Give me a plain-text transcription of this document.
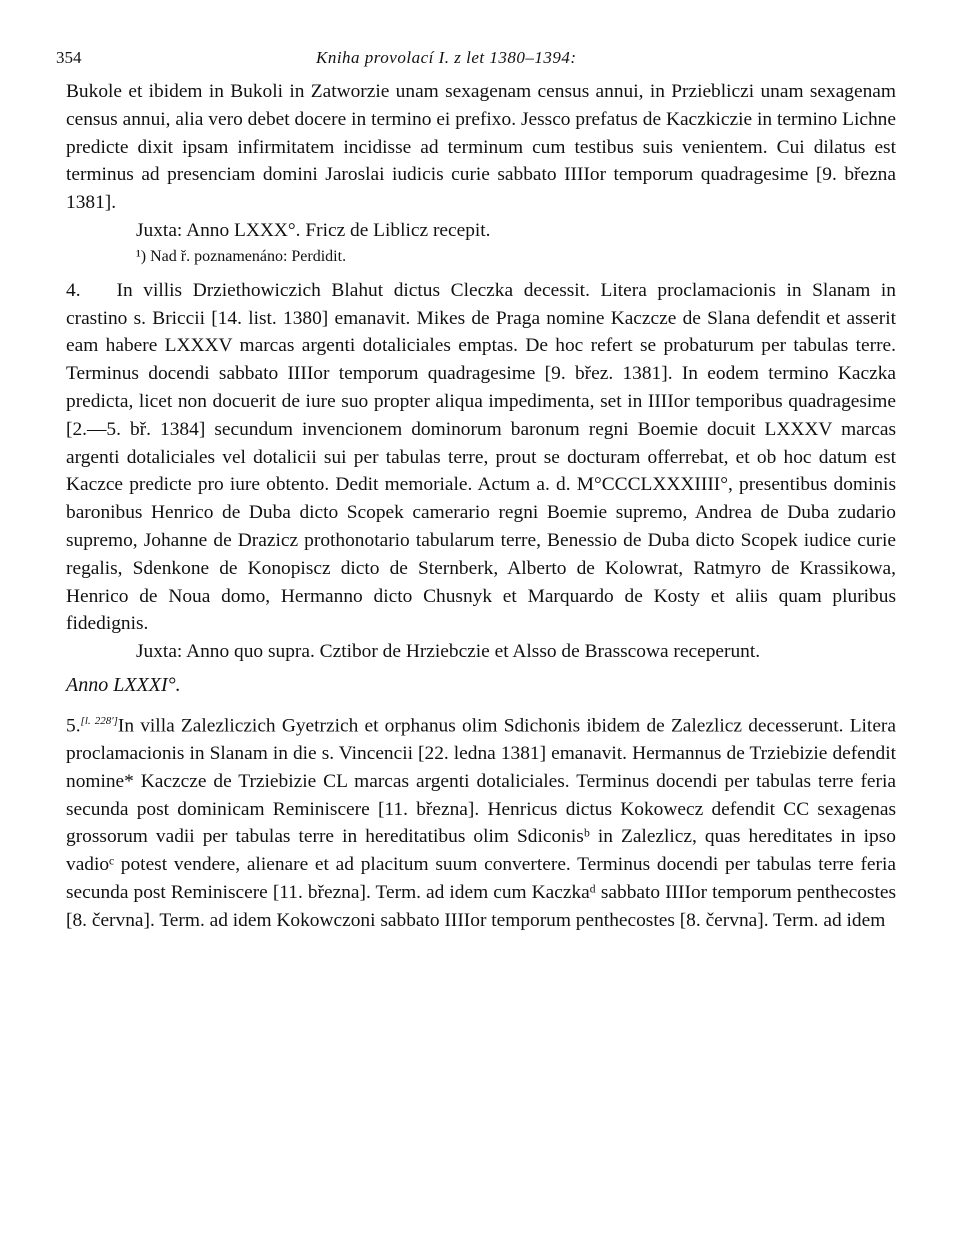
354	Kniha provolací I. z let 1380–1394:

Bukole et ibidem in Bukoli in Zatworzie unam sexagenam census annui, in Prziebliczi unam sexagenam census annui, alia vero debet docere in termino ei prefixo. Jessco prefatus de Kaczkiczie in termino Lichne predicte dixit ipsam infirmitatem incidisse ad terminum cum testibus suis venientem. Cui dilatus est terminus ad presenciam domini Jaroslai iudicis curie sabbato IIIIor temporum quadragesime [9. března 1381].

Juxta: Anno LXXX°. Fricz de Liblicz recepit.

¹) Nad ř. poznamenáno: Perdidit.

4. In villis Drziethowiczich Blahut dictus Cleczka decessit. Litera proclamacionis in Slanam in crastino s. Briccii [14. list. 1380] emanavit. Mikes de Praga nomine Kaczcze de Slana defendit et asserit eam habere LXXXV marcas argenti dotaliciales emptas. De hoc refert se probaturum per tabulas terre. Terminus docendi sabbato IIIIor temporum quadragesime [9. břez. 1381]. In eodem termino Kaczka predicta, licet non docuerit de iure suo propter aliqua impedimenta, set in IIIIor temporibus quadragesime [2.—5. bř. 1384] secundum invencionem dominorum baronum regni Boemie docuit LXXXV marcas argenti dotaliciales vel dotalicii sui per tabulas terre, prout se docturam offerrebat, et ob hoc datum est Kaczce predicte pro iure obtento. Dedit memoriale. Actum a. d. M°CCCLXXXIIII°, presentibus dominis baronibus Henrico de Duba dicto Scopek camerario regni Boemie supremo, Andrea de Duba zudario supremo, Johanne de Drazicz prothonotario tabularum terre, Benessio de Duba dicto Scopek iudice curie regalis, Sdenkone de Konopiscz dicto de Sternberk, Alberto de Kolowrat, Ratmyro de Krassikowa, Henrico de Noua domo, Hermanno dicto Chusnyk et Marquardo de Kosty et aliis quam pluribus fidedignis.

Juxta: Anno quo supra. Cztibor de Hrziebczie et Alsso de Brasscowa receperunt.

Anno LXXXI°.

5.[l. 228']In villa Zalezliczich Gyetrzich et orphanus olim Sdichonis ibidem de Zalezlicz decesserunt. Litera proclamacionis in Slanam in die s. Vincencii [22. ledna 1381] emanavit. Hermannus de Trziebizie defendit nomine* Kaczcze de Trziebizie CL marcas argenti dotaliciales. Terminus docendi per tabulas terre feria secunda post dominicam Reminiscere [11. března]. Henricus dictus Kokowecz defendit CC sexagenas grossorum vadii per tabulas terre in hereditatibus olim Sdiconisᵇ in Zalezlicz, quas hereditates in ipso vadioᶜ potest vendere, alienare et ad placitum suum convertere. Terminus docendi per tabulas terre feria secunda post Reminiscere [11. března]. Term. ad idem cum Kaczkaᵈ sabbato IIIIor temporum penthecostes [8. června]. Term. ad idem Kokowczoni sabbato IIIIor temporum penthecostes [8. června]. Term. ad idem
